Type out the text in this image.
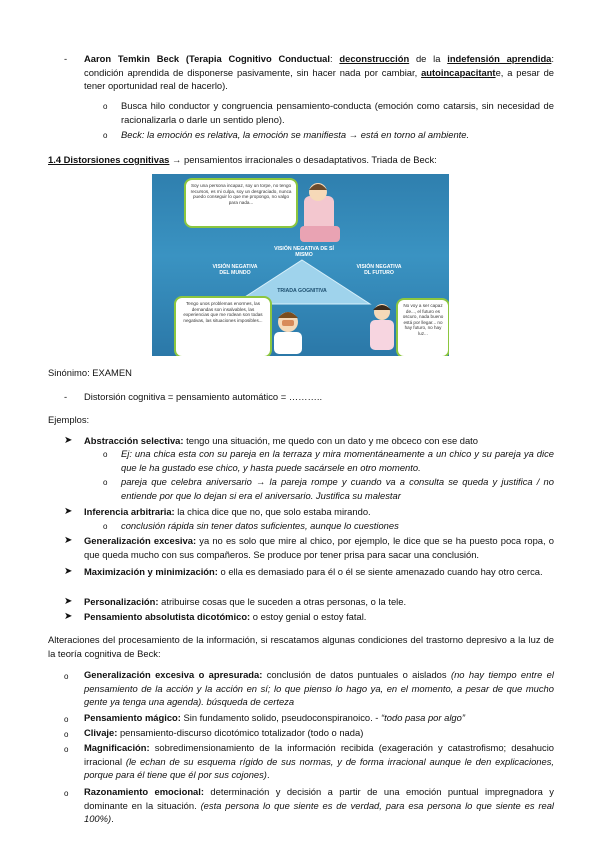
- Aaron Temkin Beck (Terapia Cognitivo Conductual: deconstrucción de la indefensión aprendida: condición aprendida de disponerse pasivamente, sin hacer nada por cambiar, autoincapacitante, a pesar de tener oportunidad real de hacerlo).
o Busca hilo conductor y congruencia pensamiento-conducta (emoción como catarsis, sin necesidad de racionalizarla o darle un sentido pleno).
o Beck: la emoción es relativa, la emoción se manifiesta → está en torno al ambiente.
1.4 Distorsiones cognitivas → pensamientos irracionales o desadaptativos. Triada de Beck:
Soy una persona incapaz, soy un torpe, no tengo recursos, es mi culpa, soy un desgraciado, nunca puedo conseguir lo que me propongo, no valgo para nada...
VISIÓN NEGATIVA DE SÍ MISMO
VISIÓN NEGATIVA DEL MUNDO
VISIÓN NEGATIVA DL FUTURO
TRIADA GOGNITIVA
Tengo unos problemas enormes, las demandas son insalvables, las experiencias que me rodean son todas negativas, las situaciones imposibles...
No voy a ser capaz de..., el futuro es oscuro, nada bueno está por llegar... no hay futuro, no hay luz...
Sinónimo: EXAMEN
- Distorsión cognitiva = pensamiento automático = ………..
Ejemplos:
➤ Abstracción selectiva: tengo una situación, me quedo con un dato y me obceco con ese dato
o Ej: una chica esta con su pareja en la terraza y mira momentáneamente a un chico y su pareja ya dice que le ha gustado ese chico, y hasta puede sacársele en otro momento.
o pareja que celebra aniversario → la pareja rompe y cuando va a consulta se queda y justifica / no entiende por que lo dejan si era el aniversario. Justifica su malestar
➤ Inferencia arbitraria: la chica dice que no, que solo estaba mirando.
o conclusión rápida sin tener datos suficientes, aunque lo cuestiones
➤ Generalización excesiva: ya no es solo que mire al chico, por ejemplo, le dice que se ha puesto poca ropa, o que queda mucho con sus compañeros. Se produce por tener prisa para sacar una conclusión.
➤ Maximización y minimización: o ella es demasiado para él o él se siente amenazado cuando hay otro cerca.
➤ Personalización: atribuirse cosas que le suceden a otras personas, o la tele.
➤ Pensamiento absolutista dicotómico: o estoy genial o estoy fatal.
Alteraciones del procesamiento de la información, si rescatamos algunas condiciones del trastorno depresivo a la luz de la teoría cognitiva de Beck:
o Generalización excesiva o apresurada: conclusión de datos puntuales o aislados (no hay tiempo entre el pensamiento de la acción y la acción en sí; lo que pienso lo hago ya, en el momento, a pesar de que mucho gente ya tenga una agenda). búsqueda de certeza
o Pensamiento mágico: Sin fundamento solido, pseudoconspiranoico. - “todo pasa por algo”
o Clivaje: pensamiento-discurso dicotómico totalizador (todo o nada)
o Magnificación: sobredimensionamiento de la información recibida (exageración y catastrofismo; desahucio irracional (le echan de su esquema rígido de sus normas, y de forma irracional aunque le den explicaciones, porque para él tiene que él por sus cojones).
o Razonamiento emocional: determinación y decisión a partir de una emoción puntual impregnadora y dominante en la situación. (esta persona lo que siente es de verdad, para esa persona lo que siente es real 100%).
